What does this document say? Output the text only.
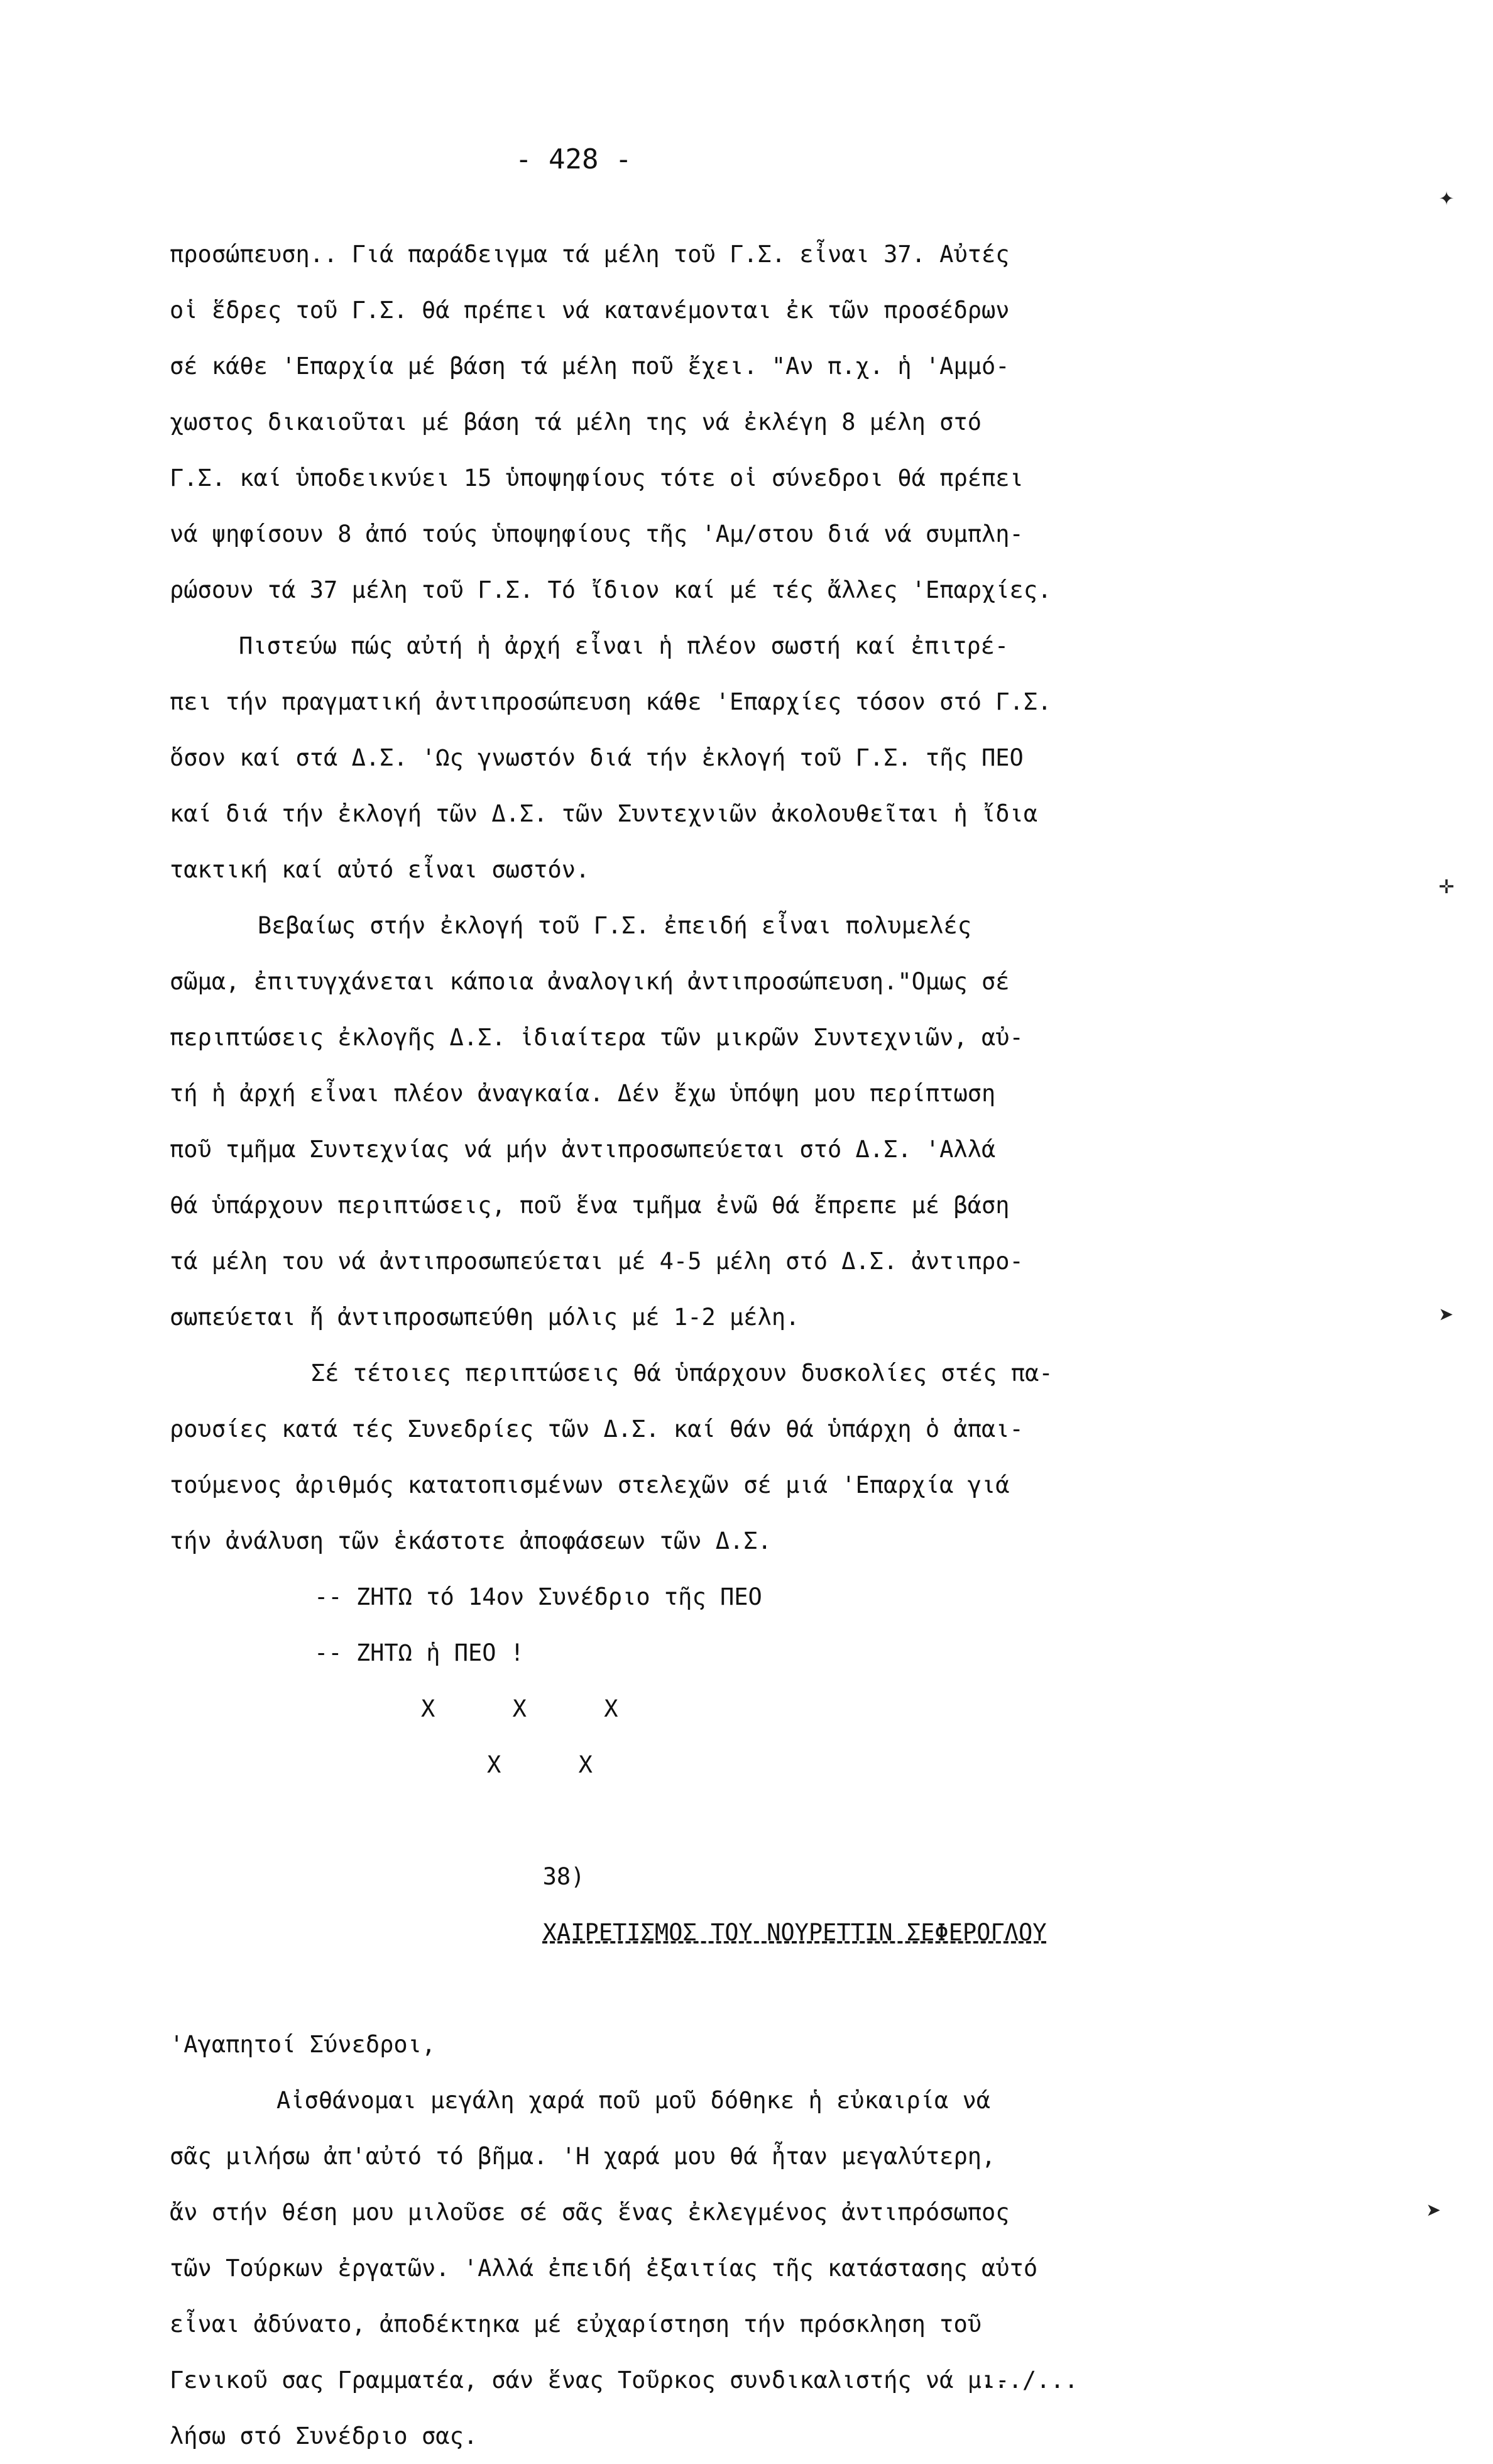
- 428 -
προσώπευση.. Γιά παράδειγμα τά μέλη τοῦ Γ.Σ. εἶναι 37. Αὐτές
οἱ ἕδρες τοῦ Γ.Σ. θά πρέπει νά κατανέμονται ἐκ τῶν προσέδρων
σέ κάθε 'Επαρχία μέ βάση τά μέλη ποῦ ἔχει. "Αν π.χ. ἡ 'Αμμό-
χωστος δικαιοῦται μέ βάση τά μέλη της νά ἐκλέγη 8 μέλη στό
Γ.Σ. καί ὑποδεικνύει 15 ὑποψηφίους τότε οἱ σύνεδροι θά πρέπει
νά ψηφίσουν 8 ἀπό τούς ὑποψηφίους τῆς 'Αμ/στου διά νά συμπλη-
ρώσουν τά 37 μέλη τοῦ Γ.Σ. Τό ἴδιον καί μέ τές ἄλλες 'Επαρχίες.
Πιστεύω πώς αὐτή ἡ ἀρχή εἶναι ἡ πλέον σωστή καί ἐπιτρέ-
πει τήν πραγματική ἀντιπροσώπευση κάθε 'Επαρχίες τόσον στό Γ.Σ.
ὅσον καί στά Δ.Σ. 'Ως γνωστόν διά τήν ἐκλογή τοῦ Γ.Σ. τῆς ΠΕΟ
καί διά τήν ἐκλογή τῶν Δ.Σ. τῶν Συντεχνιῶν ἀκολουθεῖται ἡ ἴδια
τακτική καί αὐτό εἶναι σωστόν.
Βεβαίως στήν ἐκλογή τοῦ Γ.Σ. ἐπειδή εἶναι πολυμελές
σῶμα, ἐπιτυγχάνεται κάποια ἀναλογική ἀντιπροσώπευση."Ομως σέ
περιπτώσεις ἐκλογῆς Δ.Σ. ἰδιαίτερα τῶν μικρῶν Συντεχνιῶν, αὐ-
τή ἡ ἀρχή εἶναι πλέον ἀναγκαία. Δέν ἔχω ὑπόψη μου περίπτωση
ποῦ τμῆμα Συντεχνίας νά μήν ἀντιπροσωπεύεται στό Δ.Σ. 'Αλλά
θά ὑπάρχουν περιπτώσεις, ποῦ ἕνα τμῆμα ἐνῶ θά ἔπρεπε μέ βάση
τά μέλη του νά ἀντιπροσωπεύεται μέ 4-5 μέλη στό Δ.Σ. ἀντιπρο-
σωπεύεται ἤ ἀντιπροσωπεύθη μόλις μέ 1-2 μέλη.
Σέ τέτοιες περιπτώσεις θά ὑπάρχουν δυσκολίες στές πα-
ρουσίες κατά τές Συνεδρίες τῶν Δ.Σ. καί θάν θά ὑπάρχη ὁ ἀπαι-
τούμενος ἀριθμός κατατοπισμένων στελεχῶν σέ μιά 'Επαρχία γιά
τήν ἀνάλυση τῶν ἑκάστοτε ἀποφάσεων τῶν Δ.Σ.
-- ΖΗΤΩ τό 14ον Συνέδριο τῆς ΠΕΟ
-- ΖΗΤΩ ἡ ΠΕΟ !
X     X     X
X     X

38)
ΧΑΙΡΕΤΙΣΜΟΣ ΤΟΥ ΝΟΥΡΕΤΤΙΝ ΣΕΦΕΡΟΓΛΟΥ

'Αγαπητοί Σύνεδροι,
Αἰσθάνομαι μεγάλη χαρά ποῦ μοῦ δόθηκε ἡ εὐκαιρία νά
σᾶς μιλήσω ἀπ'αὐτό τό βῆμα. 'Η χαρά μου θά ἦταν μεγαλύτερη,
ἄν στήν θέση μου μιλοῦσε σέ σᾶς ἕνας ἐκλεγμένος ἀντιπρόσωπος
τῶν Τούρκων ἐργατῶν. 'Αλλά ἐπειδή ἐξαιτίας τῆς κατάστασης αὐτό
εἶναι ἀδύνατο, ἀποδέκτηκα μέ εὐχαρίστηση τήν πρόσκληση τοῦ
Γενικοῦ σας Γραμματέα, σάν ἕνας Τοῦρκος συνδικαλιστής νά μι-
λήσω στό Συνέδριο σας.
.../...
✦
✛
➤
➤
